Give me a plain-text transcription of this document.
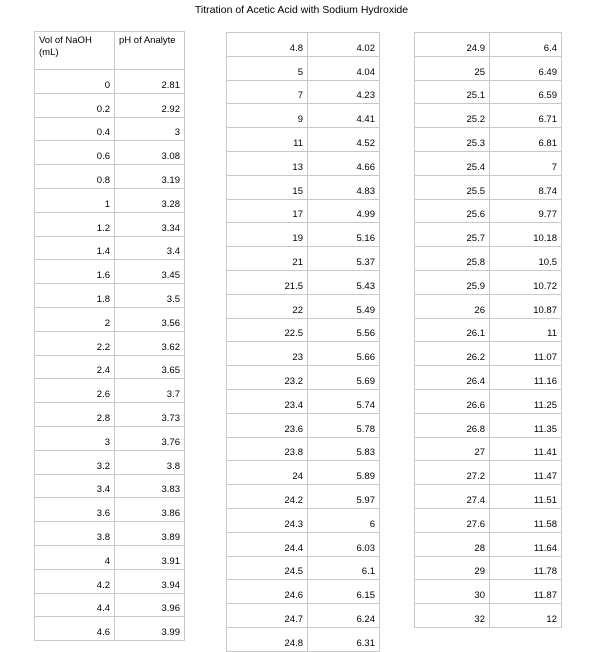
Titration of Acetic Acid with Sodium Hydroxide
Vol of NaOH (mL)	pH of Analyte
0	2.81
0.2	2.92
0.4	3
0.6	3.08
0.8	3.19
1	3.28
1.2	3.34
1.4	3.4
1.6	3.45
1.8	3.5
2	3.56
2.2	3.62
2.4	3.65
2.6	3.7
2.8	3.73
3	3.76
3.2	3.8
3.4	3.83
3.6	3.86
3.8	3.89
4	3.91
4.2	3.94
4.4	3.96
4.6	3.99
4.8	4.02
5	4.04
7	4.23
9	4.41
11	4.52
13	4.66
15	4.83
17	4.99
19	5.16
21	5.37
21.5	5.43
22	5.49
22.5	5.56
23	5.66
23.2	5.69
23.4	5.74
23.6	5.78
23.8	5.83
24	5.89
24.2	5.97
24.3	6
24.4	6.03
24.5	6.1
24.6	6.15
24.7	6.24
24.8	6.31
24.9	6.4
25	6.49
25.1	6.59
25.2	6.71
25.3	6.81
25.4	7
25.5	8.74
25.6	9.77
25.7	10.18
25.8	10.5
25.9	10.72
26	10.87
26.1	11
26.2	11.07
26.4	11.16
26.6	11.25
26.8	11.35
27	11.41
27.2	11.47
27.4	11.51
27.6	11.58
28	11.64
29	11.78
30	11.87
32	12
